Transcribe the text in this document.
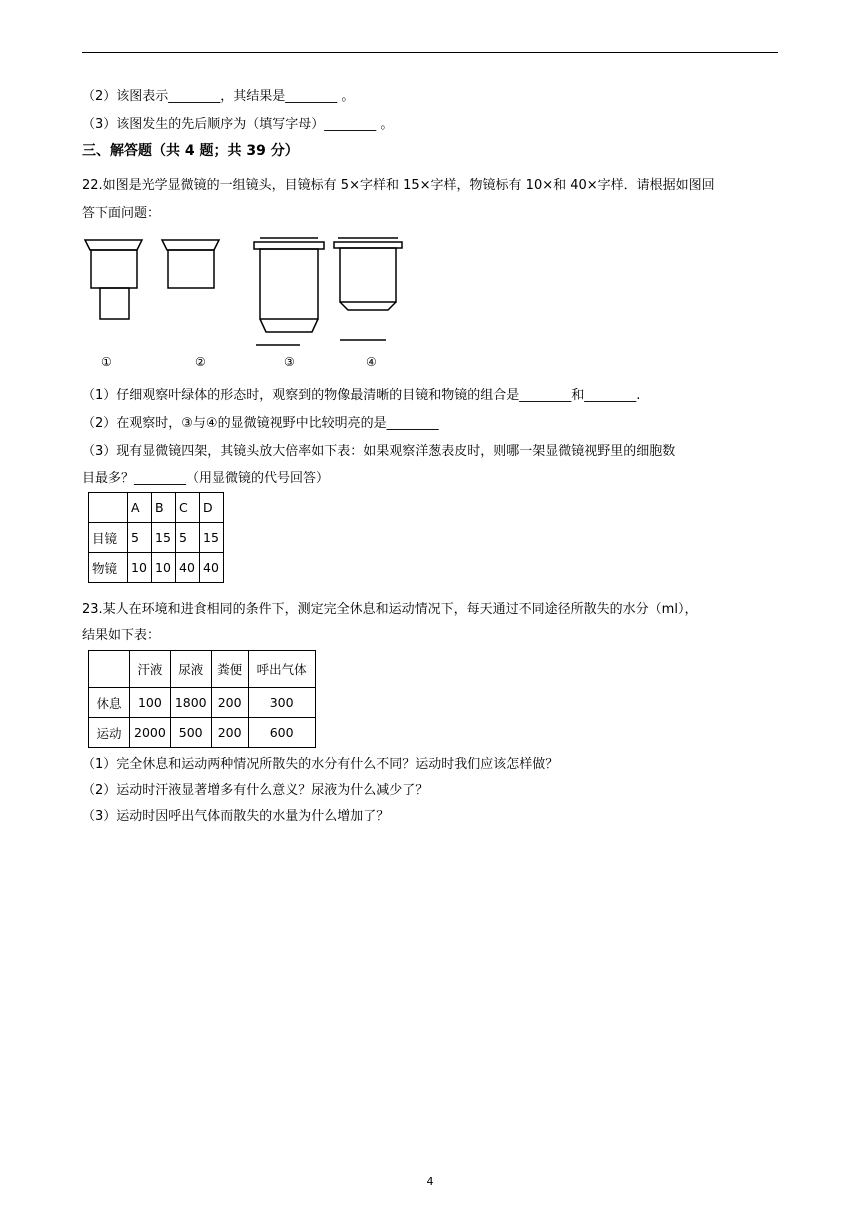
（2）该图表示________，其结果是________ 。
（3）该图发生的先后顺序为（填写字母）________ 。
三、解答题（共 4 题；共 39 分）
22.如图是光学显微镜的一组镜头，目镜标有 5×字样和 15×字样，物镜标有 10×和 40×字样．请根据如图回
答下面问题：
①	②	③	④
（1）仔细观察叶绿体的形态时，观察到的物像最清晰的目镜和物镜的组合是________和________.
（2）在观察时，③与④的显微镜视野中比较明亮的是________
（3）现有显微镜四架，其镜头放大倍率如下表：如果观察洋葱表皮时，则哪一架显微镜视野里的细胞数
目最多？________（用显微镜的代号回答）
	A	B	C	D
目镜	5	15	5	15
物镜	10	10	40	40
23.某人在环境和进食相同的条件下，测定完全休息和运动情况下，每天通过不同途径所散失的水分（ml），
结果如下表：
	汗液	尿液	粪便	呼出气体
休息	100	1800	200	300
运动	2000	500	200	600
（1）完全休息和运动两种情况所散失的水分有什么不同？运动时我们应该怎样做？
（2）运动时汗液显著增多有什么意义？尿液为什么减少了？
（3）运动时因呼出气体而散失的水量为什么增加了？
4
